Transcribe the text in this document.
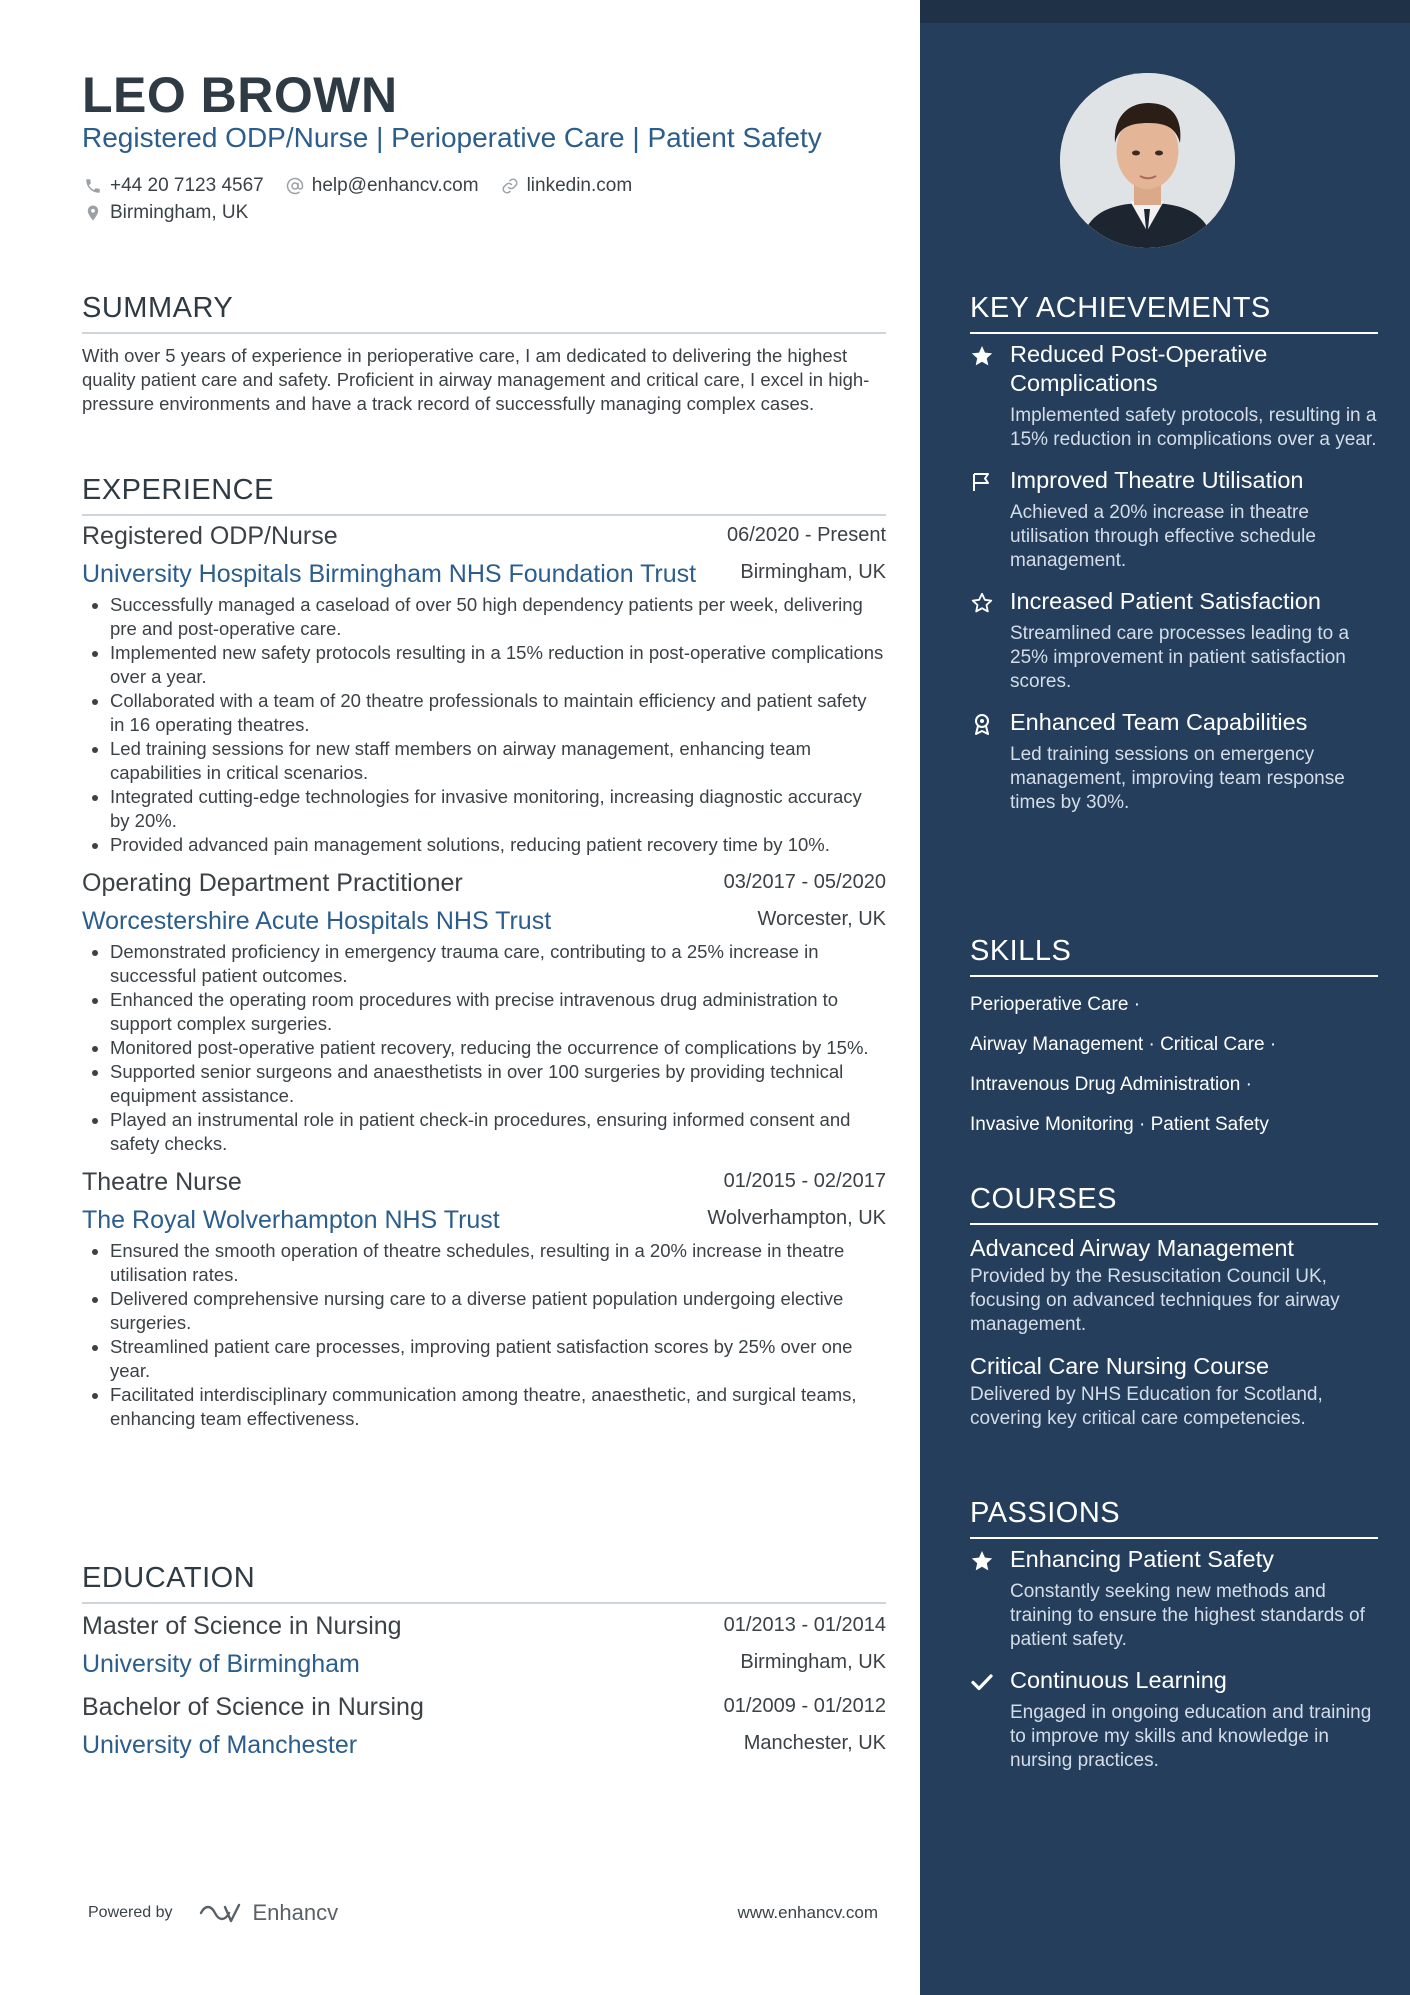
LEO BROWN
Registered ODP/Nurse | Perioperative Care | Patient Safety
+44 20 7123 4567	help@enhancv.com	linkedin.com
Birmingham, UK
SUMMARY
With over 5 years of experience in perioperative care, I am dedicated to delivering the highest quality patient care and safety. Proficient in airway management and critical care, I excel in high-pressure environments and have a track record of successfully managing complex cases.
EXPERIENCE
Registered ODP/Nurse	06/2020 - Present
University Hospitals Birmingham NHS Foundation Trust Birmingham, UK
• Successfully managed a caseload of over 50 high dependency patients per week, delivering pre and post-operative care.
• Implemented new safety protocols resulting in a 15% reduction in post-operative complications over a year.
• Collaborated with a team of 20 theatre professionals to maintain efficiency and patient safety in 16 operating theatres.
• Led training sessions for new staff members on airway management, enhancing team capabilities in critical scenarios.
• Integrated cutting-edge technologies for invasive monitoring, increasing diagnostic accuracy by 20%.
• Provided advanced pain management solutions, reducing patient recovery time by 10%.
Operating Department Practitioner	03/2017 - 05/2020
Worcestershire Acute Hospitals NHS Trust	Worcester, UK
• Demonstrated proficiency in emergency trauma care, contributing to a 25% increase in successful patient outcomes.
• Enhanced the operating room procedures with precise intravenous drug administration to support complex surgeries.
• Monitored post-operative patient recovery, reducing the occurrence of complications by 15%.
• Supported senior surgeons and anaesthetists in over 100 surgeries by providing technical equipment assistance.
• Played an instrumental role in patient check-in procedures, ensuring informed consent and safety checks.
Theatre Nurse	01/2015 - 02/2017
The Royal Wolverhampton NHS Trust	Wolverhampton, UK
• Ensured the smooth operation of theatre schedules, resulting in a 20% increase in theatre utilisation rates.
• Delivered comprehensive nursing care to a diverse patient population undergoing elective surgeries.
• Streamlined patient care processes, improving patient satisfaction scores by 25% over one year.
• Facilitated interdisciplinary communication among theatre, anaesthetic, and surgical teams, enhancing team effectiveness.
EDUCATION
Master of Science in Nursing	01/2013 - 01/2014
University of Birmingham	Birmingham, UK
Bachelor of Science in Nursing	01/2009 - 01/2012
University of Manchester	Manchester, UK
Powered by	Enhancv	www.enhancv.com
KEY ACHIEVEMENTS
Reduced Post-Operative Complications
Implemented safety protocols, resulting in a 15% reduction in complications over a year.
Improved Theatre Utilisation
Achieved a 20% increase in theatre utilisation through effective schedule management.
Increased Patient Satisfaction
Streamlined care processes leading to a 25% improvement in patient satisfaction scores.
Enhanced Team Capabilities
Led training sessions on emergency management, improving team response times by 30%.
SKILLS
Perioperative Care ·
Airway Management · Critical Care ·
Intravenous Drug Administration ·
Invasive Monitoring · Patient Safety
COURSES
Advanced Airway Management
Provided by the Resuscitation Council UK, focusing on advanced techniques for airway management.
Critical Care Nursing Course
Delivered by NHS Education for Scotland, covering key critical care competencies.
PASSIONS
Enhancing Patient Safety
Constantly seeking new methods and training to ensure the highest standards of patient safety.
Continuous Learning
Engaged in ongoing education and training to improve my skills and knowledge in nursing practices.
